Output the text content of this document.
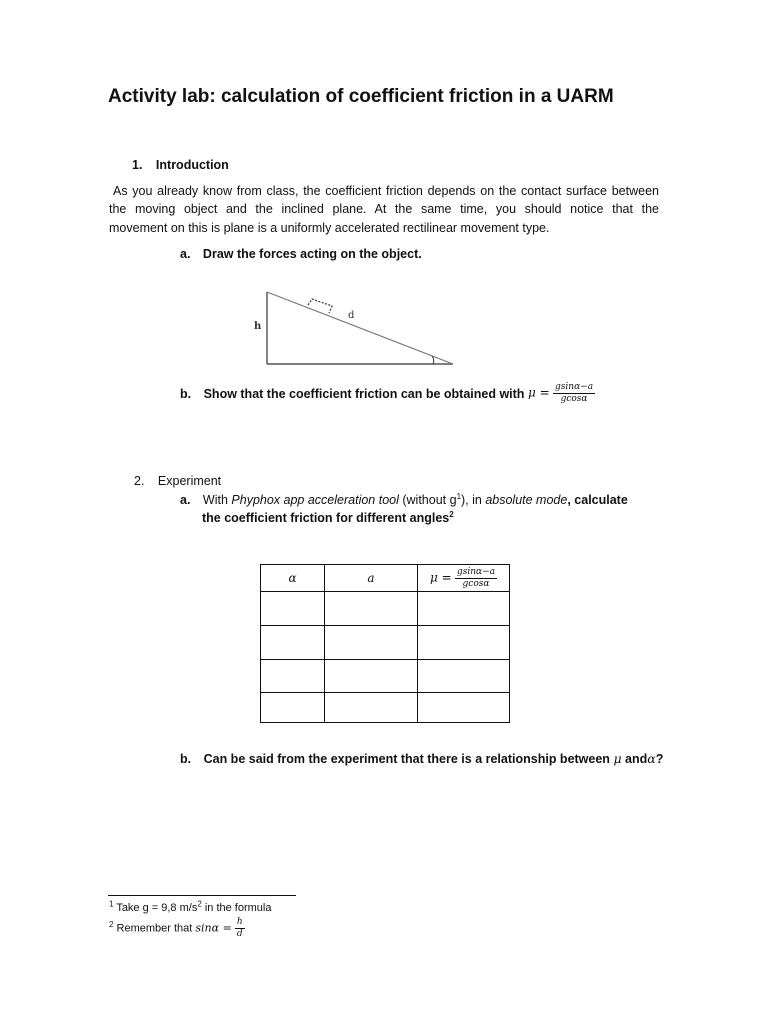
Activity lab: calculation of coefficient friction in a UARM
1. Introduction
As you already know from class, the coefficient friction depends on the contact surface between
the moving object and the inclined plane. At the same time, you should notice that the
movement on this is plane is a uniformly accelerated rectilinear movement type.
a. Draw the forces acting on the object.
h
d
b. Show that the coefficient friction can be obtained with $\mu = \frac{gsin\alpha-a}{gcos\alpha}$
2. Experiment
a. With Phyphox app acceleration tool (without $g^1$), in absolute mode, calculate
the coefficient friction for different angles$^2$
α	a	$\mu = \frac{gsin\alpha-a}{gcos\alpha}$

b. Can be said from the experiment that there is a relationship between μ andα?
$^1$ Take g = 9,8 $m/s^2$ in the formula
$^2$ Remember that $\sin\alpha = \frac{h}{d}$
